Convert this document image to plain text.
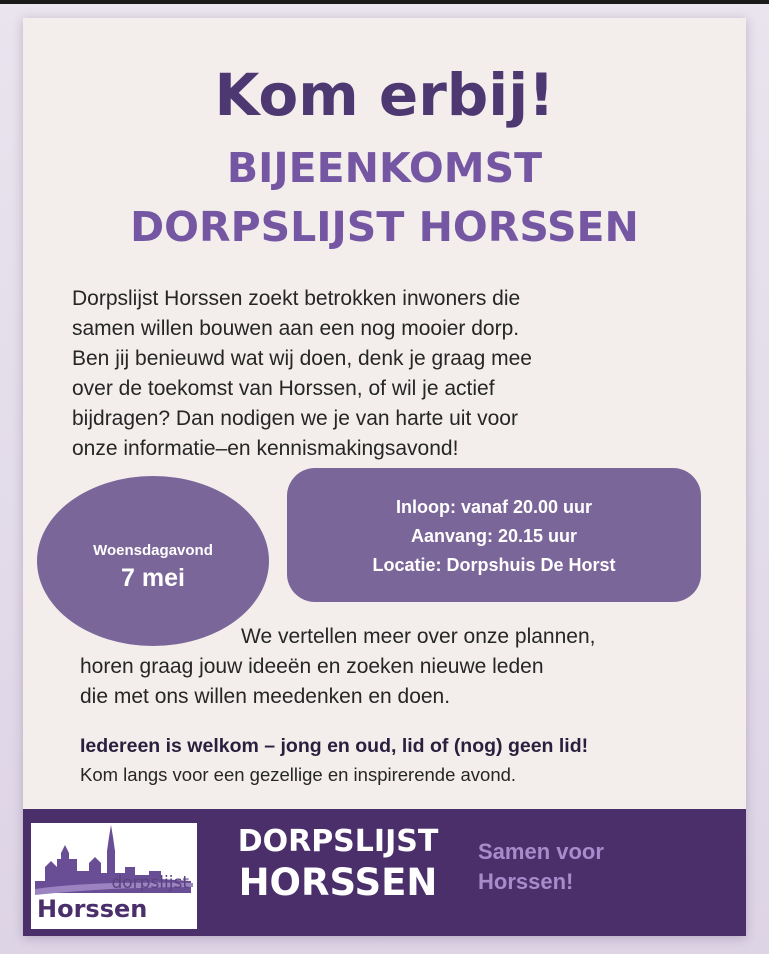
Kom erbij!
BIJEENKOMST
DORPSLIJST HORSSEN
Dorpslijst Horssen zoekt betrokken inwoners die
samen willen bouwen aan een nog mooier dorp.
Ben jij benieuwd wat wij doen, denk je graag mee
over de toekomst van Horssen, of wil je actief
bijdragen? Dan nodigen we je van harte uit voor
onze informatie–en kennismakingsavond!
Woensdagavond
7 mei
Inloop: vanaf 20.00 uur
Aanvang: 20.15 uur
Locatie: Dorpshuis De Horst
We vertellen meer over onze plannen,
horen graag jouw ideeën en zoeken nieuwe leden
die met ons willen meedenken en doen.
Iedereen is welkom – jong en oud, lid of (nog) geen lid!
Kom langs voor een gezellige en inspirerende avond.
dorpslijst
Horssen
DORPSLIJST
HORSSEN
Samen voor
Horssen!
